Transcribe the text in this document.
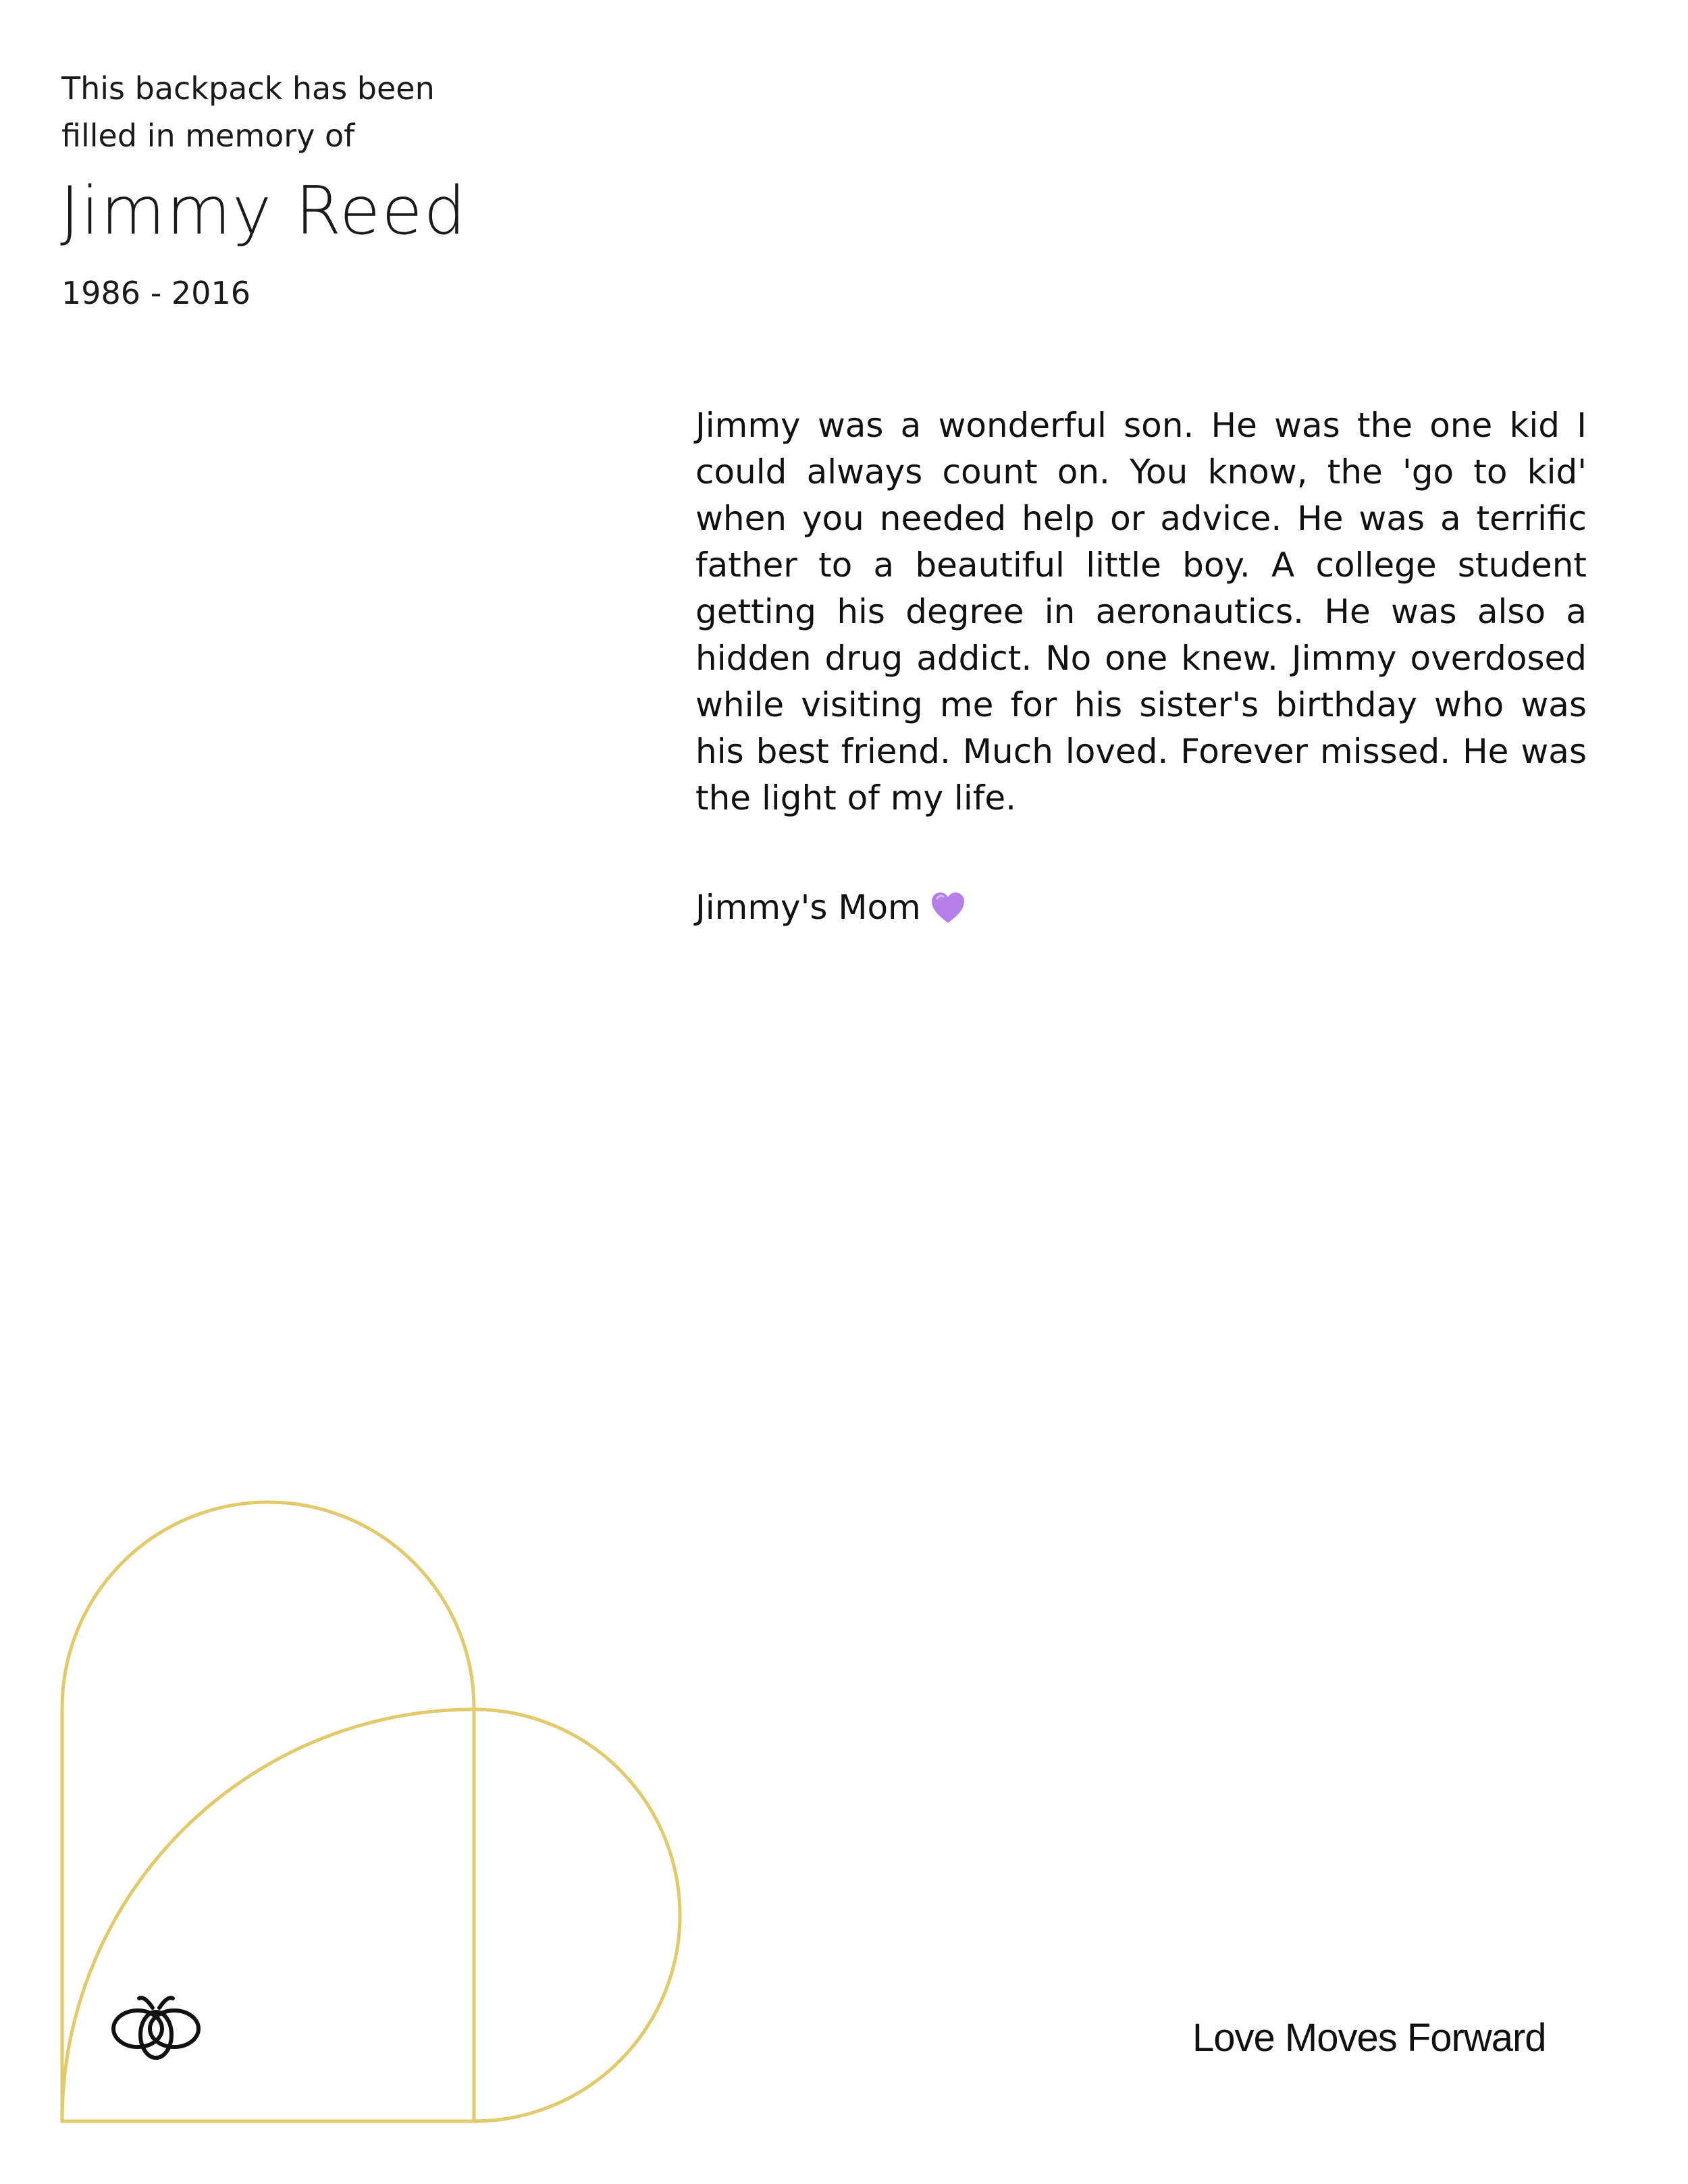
This backpack has been
filled in memory of
Jimmy Reed
1986 - 2016
Jimmy was a wonderful son. He was the one kid I could always count on. You know, the 'go to kid' when you needed help or advice. He was a terrific father to a beautiful little boy. A college student getting his degree in aeronautics. He was also a hidden drug addict. No one knew. Jimmy overdosed while visiting me for his sister's birthday who was his best friend. Much loved. Forever missed. He was the light of my life.
Jimmy's Mom
Love Moves Forward
